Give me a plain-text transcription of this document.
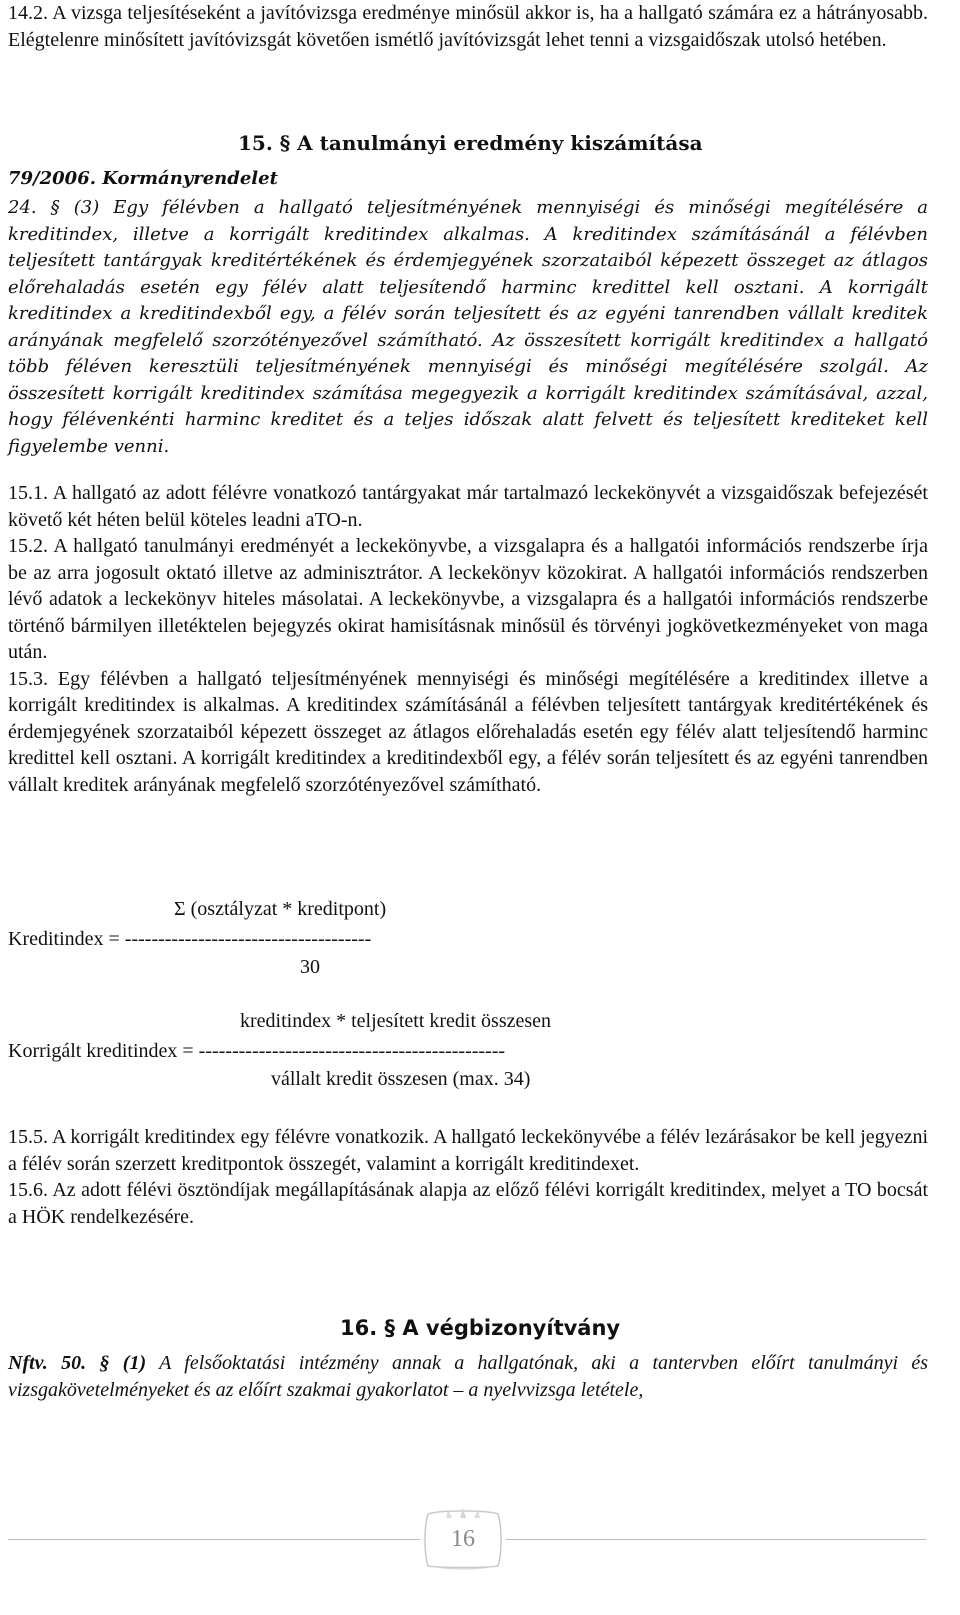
14.2. A vizsga teljesítéseként a javítóvizsga eredménye minősül akkor is, ha a hallgató számára ez a hátrányosabb. Elégtelenre minősített javítóvizsgát követően ismétlő javítóvizsgát lehet tenni a vizsgaidőszak utolsó hetében.

15. § A tanulmányi eredmény kiszámítása
79/2006. Kormányrendelet

24. § (3) Egy félévben a hallgató teljesítményének mennyiségi és minőségi megítélésére a kreditindex, illetve a korrigált kreditindex alkalmas. A kreditindex számításánál a félévben teljesített tantárgyak kreditértékének és érdemjegyének szorzataiból képezett összeget az átlagos előrehaladás esetén egy félév alatt teljesítendő harminc kredittel kell osztani. A korrigált kreditindex a kreditindexből egy, a félév során teljesített és az egyéni tanrendben vállalt kreditek arányának megfelelő szorzótényezővel számítható. Az összesített korrigált kreditindex a hallgató több féléven keresztüli teljesítményének mennyiségi és minőségi megítélésére szolgál. Az összesített korrigált kreditindex számítása megegyezik a korrigált kreditindex számításával, azzal, hogy félévenkénti harminc kreditet és a teljes időszak alatt felvett és teljesített krediteket kell figyelembe venni.

15.1. A hallgató az adott félévre vonatkozó tantárgyakat már tartalmazó leckekönyvét a vizsgaidőszak befejezését követő két héten belül köteles leadni aTO-n.

15.2. A hallgató tanulmányi eredményét a leckekönyvbe, a vizsgalapra és a hallgatói információs rendszerbe írja be az arra jogosult oktató illetve az adminisztrátor. A leckekönyv közokirat. A hallgatói információs rendszerben lévő adatok a leckekönyv hiteles másolatai. A leckekönyvbe, a vizsgalapra és a hallgatói információs rendszerbe történő bármilyen illetéktelen bejegyzés okirat hamisításnak minősül és törvényi jogkövetkezményeket von maga után.

15.3. Egy félévben a hallgató teljesítményének mennyiségi és minőségi megítélésére a kreditindex illetve a korrigált kreditindex is alkalmas. A kreditindex számításánál a félévben teljesített tantárgyak kreditértékének és érdemjegyének szorzataiból képezett összeget az átlagos előrehaladás esetén egy félév alatt teljesítendő harminc kredittel kell osztani. A korrigált kreditindex a kreditindexből egy, a félév során teljesített és az egyéni tanrendben vállalt kreditek arányának megfelelő szorzótényezővel számítható.

Σ (osztályzat * kreditpont)
Kreditindex = -------------------------------------
30
kreditindex * teljesített kredit összesen
Korrigált kreditindex = ----------------------------------------------
vállalt kredit összesen (max. 34)

15.5. A korrigált kreditindex egy félévre vonatkozik. A hallgató leckekönyvébe a félév lezárásakor be kell jegyezni a félév során szerzett kreditpontok összegét, valamint a korrigált kreditindexet.

15.6. Az adott félévi ösztöndíjak megállapításának alapja az előző félévi korrigált kreditindex, melyet a TO bocsát a HÖK rendelkezésére.

16. § A végbizonyítvány

Nftv. 50. § (1) A felsőoktatási intézmény annak a hallgatónak, aki a tantervben előírt tanulmányi és vizsgakövetelményeket és az előírt szakmai gyakorlatot – a nyelvvizsga letétele,

16
